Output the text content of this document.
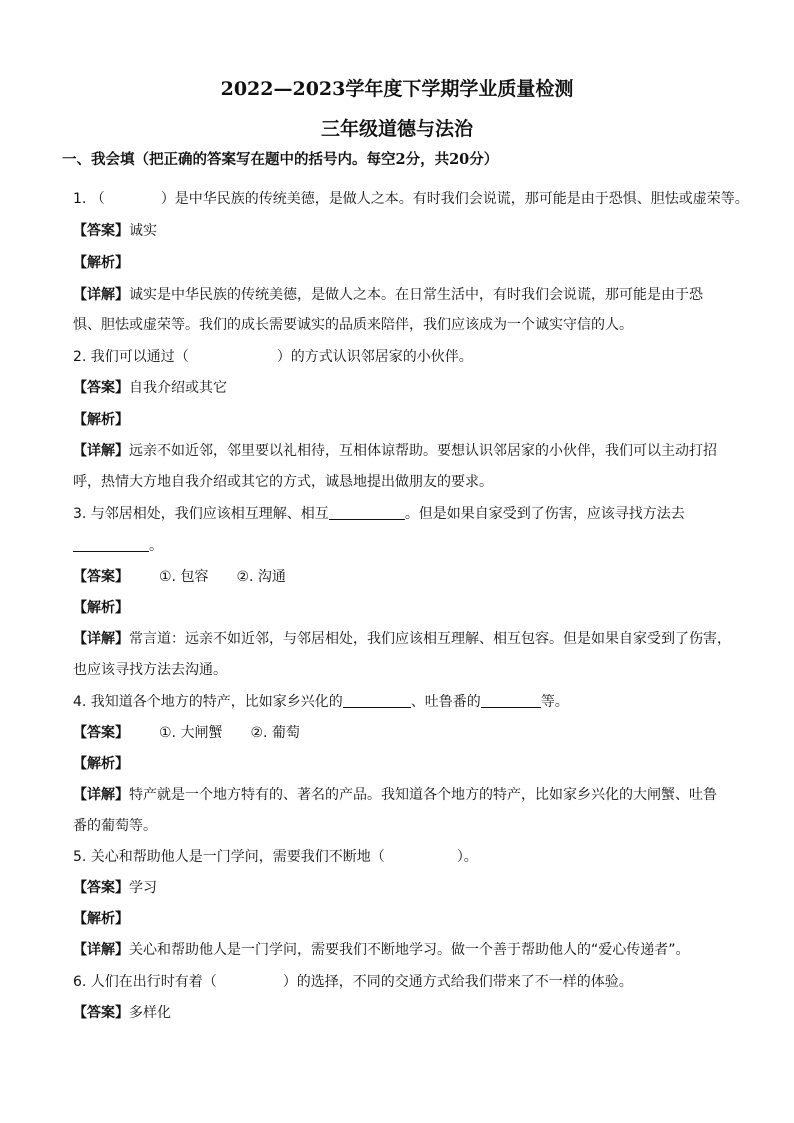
2022—2023学年度下学期学业质量检测
三年级道德与法治
一、我会填（把正确的答案写在题中的括号内。每空2分，共20分）
1. （	）是中华民族的传统美德，是做人之本。有时我们会说谎，那可能是由于恐惧、胆怯或虚荣等。
【答案】诚实
【解析】
【详解】诚实是中华民族的传统美德，是做人之本。在日常生活中，有时我们会说谎，那可能是由于恐
惧、胆怯或虚荣等。我们的成长需要诚实的品质来陪伴，我们应该成为一个诚实守信的人。
2. 我们可以通过（	）的方式认识邻居家的小伙伴。
【答案】自我介绍或其它
【解析】
【详解】远亲不如近邻，邻里要以礼相待，互相体谅帮助。要想认识邻居家的小伙伴，我们可以主动打招
呼，热情大方地自我介绍或其它的方式，诚恳地提出做朋友的要求。
3. 与邻居相处，我们应该相互理解、相互	。但是如果自家受到了伤害，应该寻找方法去
。
【答案】 ①. 包容 ②. 沟通
【解析】
【详解】常言道：远亲不如近邻，与邻居相处，我们应该相互理解、相互包容。但是如果自家受到了伤害，
也应该寻找方法去沟通。
4. 我知道各个地方的特产，比如家乡兴化的	、吐鲁番的	等。
【答案】 ①. 大闸蟹 ②. 葡萄
【解析】
【详解】特产就是一个地方特有的、著名的产品。我知道各个地方的特产，比如家乡兴化的大闸蟹、吐鲁
番的葡萄等。
5. 关心和帮助他人是一门学问，需要我们不断地（	）。
【答案】学习
【解析】
【详解】关心和帮助他人是一门学问，需要我们不断地学习。做一个善于帮助他人的“爱心传递者”。
6. 人们在出行时有着（	）的选择，不同的交通方式给我们带来了不一样的体验。
【答案】多样化
